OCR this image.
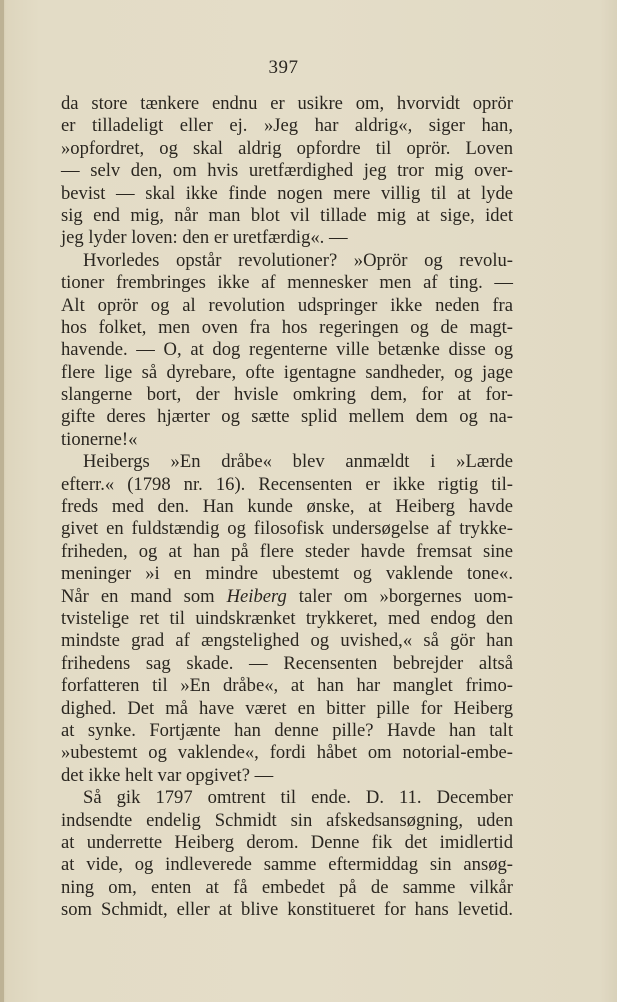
397
da store tænkere endnu er usikre om, hvorvidt oprör
er tilladeligt eller ej. »Jeg har aldrig«, siger han,
»opfordret, og skal aldrig opfordre til oprör. Loven
— selv den, om hvis uretfærdighed jeg tror mig over-
bevist — skal ikke finde nogen mere villig til at lyde
sig end mig, når man blot vil tillade mig at sige, idet
jeg lyder loven: den er uretfærdig«. —
Hvorledes opstår revolutioner? »Oprör og revolu-
tioner frembringes ikke af mennesker men af ting. —
Alt oprör og al revolution udspringer ikke neden fra
hos folket, men oven fra hos regeringen og de magt-
havende. — O, at dog regenterne ville betænke disse og
flere lige så dyrebare, ofte igentagne sandheder, og jage
slangerne bort, der hvisle omkring dem, for at for-
gifte deres hjærter og sætte splid mellem dem og na-
tionerne!«
Heibergs »En dråbe« blev anmældt i »Lærde
efterr.« (1798 nr. 16). Recensenten er ikke rigtig til-
freds med den. Han kunde ønske, at Heiberg havde
givet en fuldstændig og filosofisk undersøgelse af trykke-
friheden, og at han på flere steder havde fremsat sine
meninger »i en mindre ubestemt og vaklende tone«.
Når en mand som Heiberg taler om »borgernes uom-
tvistelige ret til uindskrænket trykkeret, med endog den
mindste grad af ængstelighed og uvished,« så gör han
frihedens sag skade. — Recensenten bebrejder altså
forfatteren til »En dråbe«, at han har manglet frimo-
dighed. Det må have været en bitter pille for Heiberg
at synke. Fortjænte han denne pille? Havde han talt
»ubestemt og vaklende«, fordi håbet om notorial-embe-
det ikke helt var opgivet? —
Så gik 1797 omtrent til ende. D. 11. December
indsendte endelig Schmidt sin afskedsansøgning, uden
at underrette Heiberg derom. Denne fik det imidlertid
at vide, og indleverede samme eftermiddag sin ansøg-
ning om, enten at få embedet på de samme vilkår
som Schmidt, eller at blive konstitueret for hans levetid.
